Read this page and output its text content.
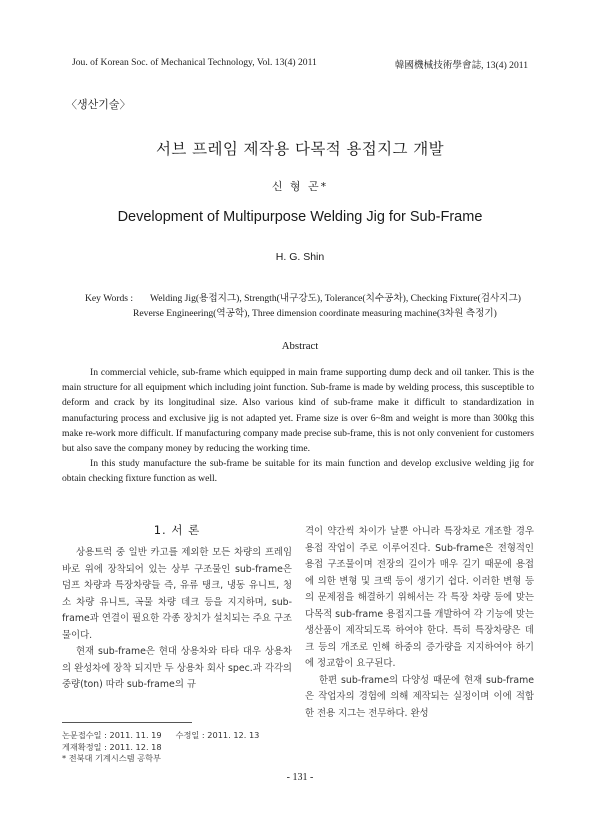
Jou. of Korean Soc. of Mechanical Technology, Vol. 13(4) 2011	韓國機械技術學會誌, 13(4) 2011
〈생산기술〉
서브 프레임 제작용 다목적 용접지그 개발
신 형 곤*
Development of Multipurpose Welding Jig for Sub-Frame
H. G. Shin
Key Words : Welding Jig(용접지그), Strength(내구강도), Tolerance(치수공차), Checking Fixture(검사지그)
Reverse Engineering(역공학), Three dimension coordinate measuring machine(3차원 측정기)
Abstract

In commercial vehicle, sub-frame which equipped in main frame supporting dump deck and oil tanker. This is the main structure for all equipment which including joint function. Sub-frame is made by welding process, this susceptible to deform and crack by its longitudinal size. Also various kind of sub-frame make it difficult to standardization in manufacturing process and exclusive jig is not adapted yet. Frame size is over 6~8m and weight is more than 300kg this make re-work more difficult. If manufacturing company made precise sub-frame, this is not only convenient for customers but also save the company money by reducing the working time.

In this study manufacture the sub-frame be suitable for its main function and develop exclusive welding jig for obtain checking fixture function as well.

1. 서 론

상용트럭 중 일반 카고를 제외한 모든 차량의 프레임 바로 위에 장착되어 있는 상부 구조물인 sub-frame은 덤프 차량과 특장차량들 즉, 유류 탱크, 냉동 유니트, 청소 차량 유니트, 곡물 차량 데크 등을 지지하며, sub-frame과 연결이 필요한 각종 장치가 설치되는 주요 구조물이다.

현재 sub-frame은 현대 상용차와 타타 대우 상용차의 완성차에 장착 되지만 두 상용차 회사 spec.과 각각의 중량(ton) 따라 sub-frame의 규

격이 약간씩 차이가 날뿐 아니라 특장차로 개조할 경우 용접 작업이 주로 이루어진다. Sub-frame은 전형적인 용접 구조물이며 전장의 길이가 매우 길기 때문에 용접에 의한 변형 및 크랙 등이 생기기 쉽다. 이러한 변형 등의 문제점을 해결하기 위해서는 각 특장 차량 등에 맞는 다목적 sub-frame 용접지그를 개발하여 각 기능에 맞는 생산품이 제작되도록 하여야 한다. 특히 특장차량은 데크 등의 개조로 인해 하중의 증가량을 지지하여야 하기에 정교함이 요구된다.

한편 sub-frame의 다양성 때문에 현재 sub-frame은 작업자의 경험에 의해 제작되는 실정이며 이에 적합한 전용 지그는 전무하다. 완성

논문접수일 : 2011. 11. 19 수정일 : 2011. 12. 13
게재확정일 : 2011. 12. 18
* 전북대 기계시스템 공학부
- 131 -
